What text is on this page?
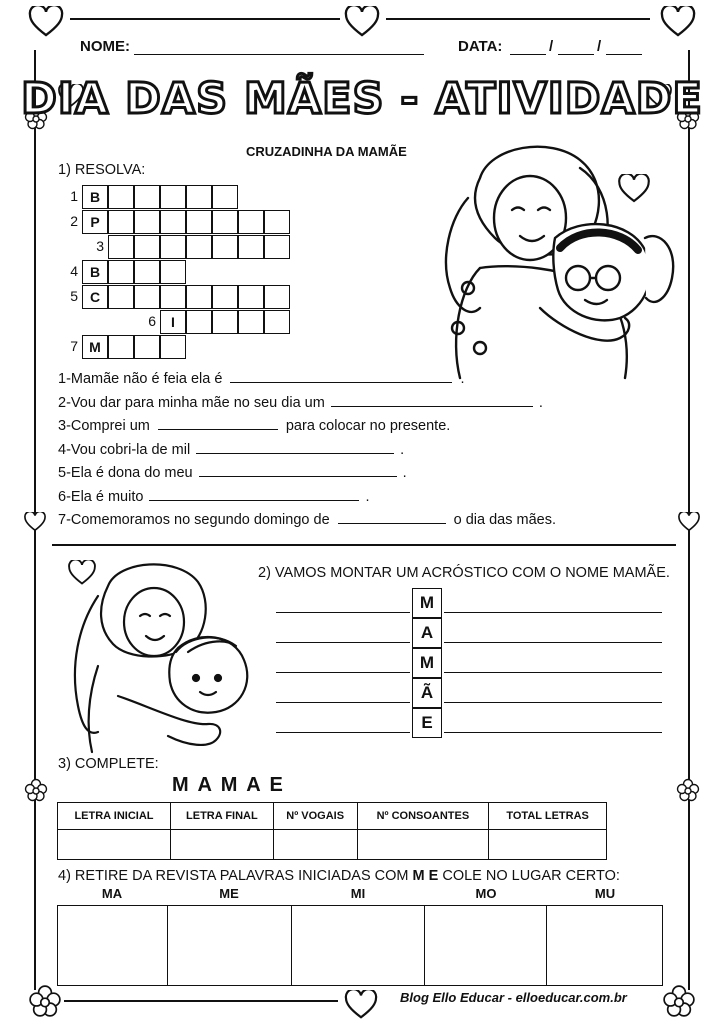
NOME:	DATA:	/	/
DIA DAS MÃES - ATIVIDADE
CRUZADINHA DA MAMÃE
1) RESOLVA:
1 B
2 P
3
4 B
5 C
6	I
7 M
1-Mamãe não é feia ela é	.
2-Vou dar para minha mãe no seu dia um	.
3-Comprei um	para colocar no presente.
4-Vou cobri-la de mil	.
5-Ela é dona do meu	.
6-Ela é muito	.
7-Comemoramos no segundo domingo de	o dia das mães.
2) VAMOS MONTAR UM ACRÓSTICO COM O NOME MAMÃE.
M
A
M
Ã
E
3) COMPLETE:
M A M A E
LETRA INICIAL	LETRA FINAL	Nº VOGAIS	Nº CONSOANTES	TOTAL LETRAS

4) RETIRE DA REVISTA PALAVRAS INICIADAS COM M E COLE NO LUGAR CERTO:
MA	ME	MI	MO	MU

Blog Ello Educar - elloeducar.com.br
